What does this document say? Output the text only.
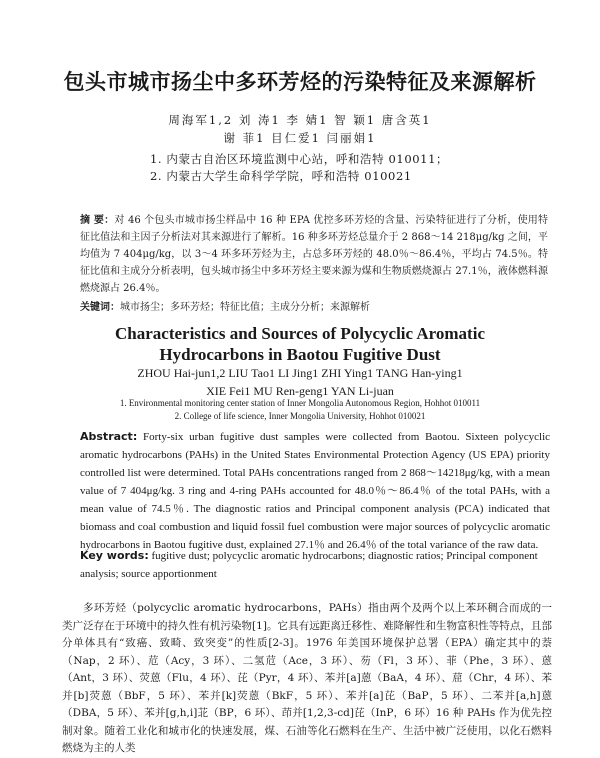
包头市城市扬尘中多环芳烃的污染特征及来源解析
周海军1,2 刘 涛1 李 婧1 智 颖1 唐含英1
谢 菲1 目仁爱1 闫丽娟1
1. 内蒙古自治区环境监测中心站，呼和浩特 010011；
2. 内蒙古大学生命科学学院，呼和浩特 010021
摘 要：对 46 个包头市城市扬尘样品中 16 种 EPA 优控多环芳烃的含量、污染特征进行了分析，使用特征比值法和主因子分析法对其来源进行了解析。16 种多环芳烃总量介于 2 868～14 218μg/kg 之间，平均值为 7 404μg/kg，以 3～4 环多环芳烃为主，占总多环芳烃的 48.0％～86.4％，平均占 74.5％。特征比值和主成分分析表明，包头城市扬尘中多环芳烃主要来源为煤和生物质燃烧源占 27.1％，液体燃料源燃烧源占 26.4％。
关键词：城市扬尘；多环芳烃；特征比值；主成分分析；来源解析
Characteristics and Sources of Polycyclic Aromatic
Hydrocarbons in Baotou Fugitive Dust
ZHOU Hai-jun1,2 LIU Tao1 LI Jing1 ZHI Ying1 TANG Han-ying1
XIE Fei1 MU Ren-geng1 YAN Li-juan
1. Environmental monitoring center station of Inner Mongolia Autonomous Region, Hohhot 010011
2. College of life science, Inner Mongolia University, Hohhot 010021
Abstract: Forty-six urban fugitive dust samples were collected from Baotou. Sixteen polycyclic aromatic hydrocarbons (PAHs) in the United States Environmental Protection Agency (US EPA) priority controlled list were determined. Total PAHs concentrations ranged from 2 868～14218μg/kg, with a mean value of 7 404μg/kg. 3 ring and 4-ring PAHs accounted for 48.0％～86.4％ of the total PAHs, with a mean value of 74.5％. The diagnostic ratios and Principal component analysis (PCA) indicated that biomass and coal combustion and liquid fossil fuel combustion were major sources of polycyclic aromatic hydrocarbons in Baotou fugitive dust, explained 27.1％ and 26.4％ of the total variance of the raw data.
Key words: fugitive dust; polycyclic aromatic hydrocarbons; diagnostic ratios; Principal component analysis; source apportionment
多环芳烃（polycyclic aromatic hydrocarbons，PAHs）指由两个及两个以上苯环稠合而成的一类广泛存在于环境中的持久性有机污染物[1]。它具有远距离迁移性、难降解性和生物富积性等特点，且部分单体具有“致癌、致畸、致突变”的性质[2-3]。1976 年美国环境保护总署（EPA）确定其中的萘（Nap，2 环）、苊（Acy，3 环）、二氢苊（Ace，3 环）、芴（Fl，3 环）、菲（Phe，3 环）、蒽（Ant，3 环）、荧蒽（Flu，4 环）、芘（Pyr，4 环）、苯并[a]蒽（BaA，4 环）、䓛（Chr，4 环）、苯并[b]荧蒽（BbF，5 环）、苯并[k]荧蒽（BkF，5 环）、苯并[a]芘（BaP，5 环）、二苯并[a,h]蒽（DBA，5 环）、苯并[g,h,i]苝（BP，6 环）、茚并[1,2,3-cd]芘（InP，6 环）16 种 PAHs 作为优先控制对象。随着工业化和城市化的快速发展，煤、石油等化石燃料在生产、生活中被广泛使用，以化石燃料燃烧为主的人类
